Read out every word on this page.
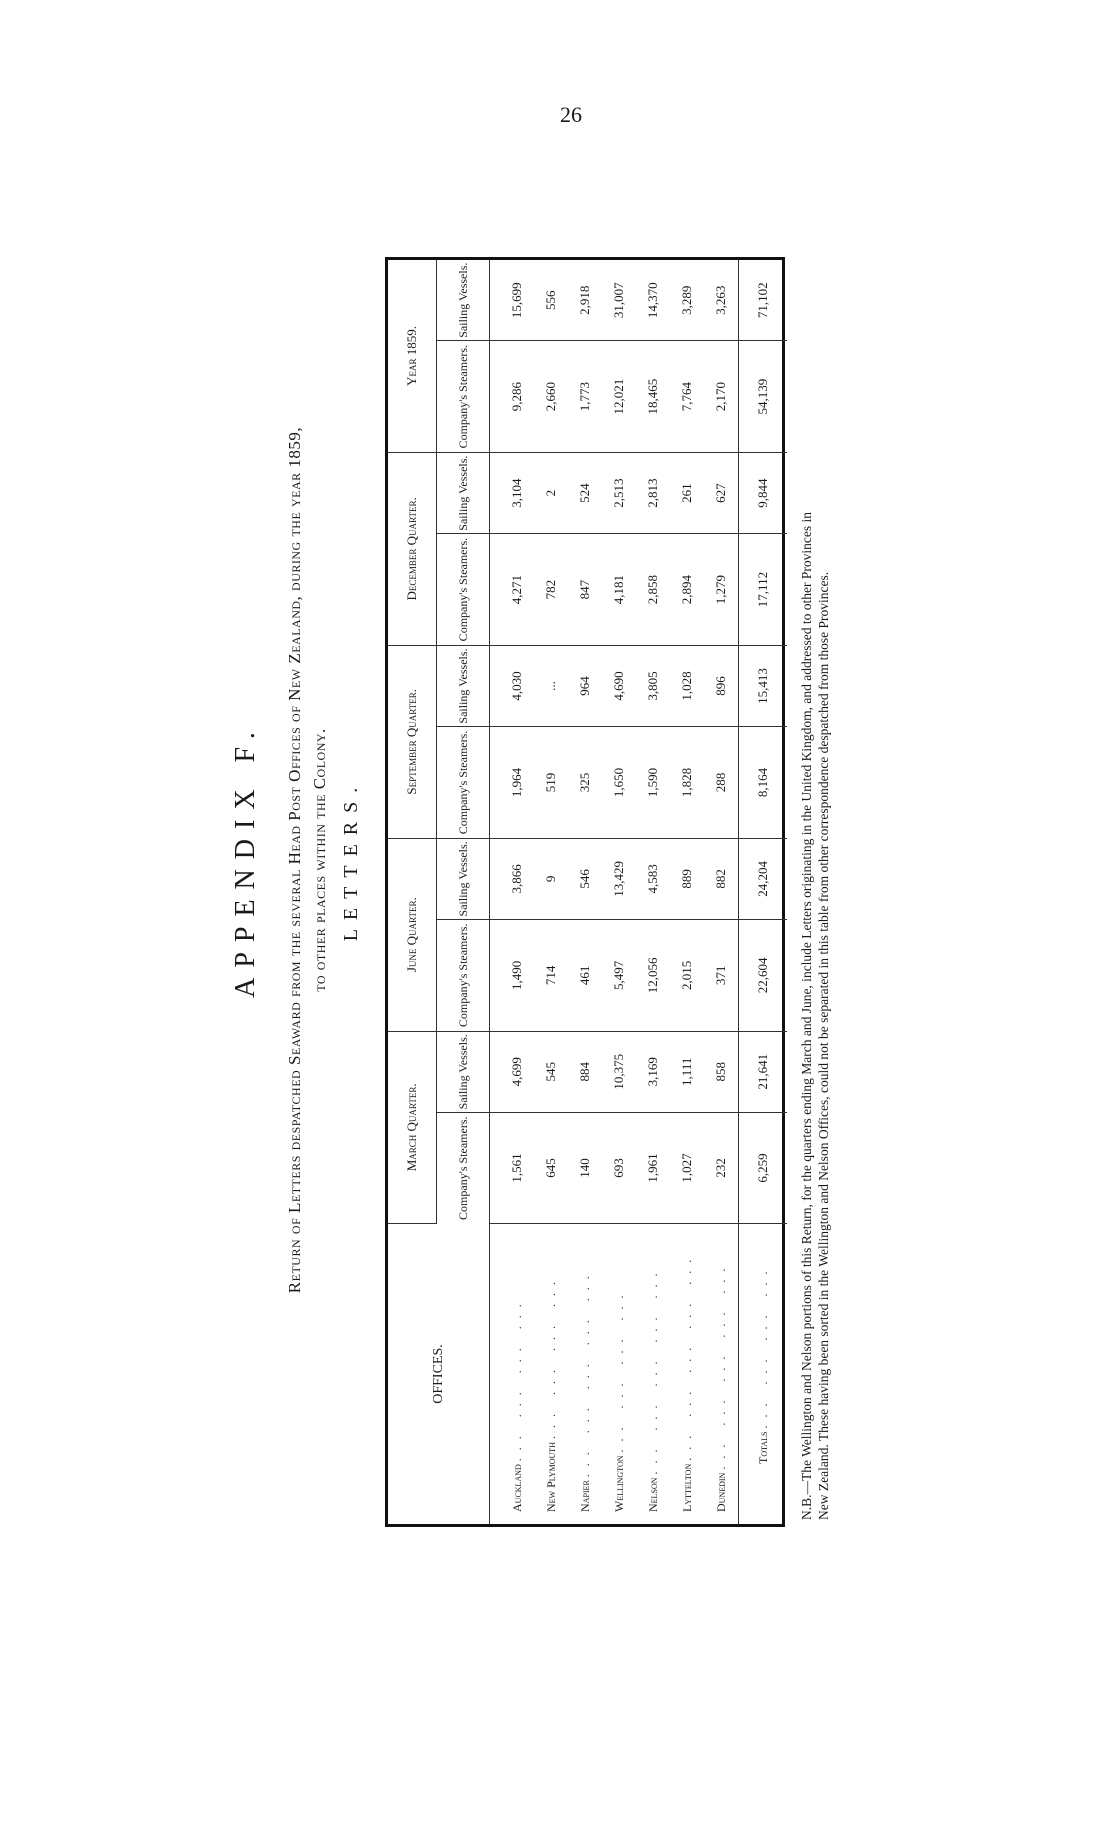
26
APPENDIX F. Return of Letters despatched Seaward from the several Head Post Offices of New Zealand, during the year 1859, to other places within the Colony. LETTERS.
OFFICES.	March Quarter.		June Quarter.		September Quarter.		December Quarter.		Year 1859.	
	Company's Steamers.	Sailing Vessels.	Company's Steamers.	Sailing Vessels.	Company's Steamers.	Sailing Vessels.	Company's Steamers.	Sailing Vessels.	Company's Steamers.	Sailing Vessels.
Auckland ... ... ... ...	1,561	4,699	1,490	3,866	1,964	4,030	4,271	3,104	9,286	15,699
New Plymouth ... ... ... ...	645	545	714	9	519	...	782	2	2,660	556
Napier ... ... ... ... ...	140	884	461	546	325	964	847	524	1,773	2,918
Wellington ... ... ... ...	693	10,375	5,497	13,429	1,650	4,690	4,181	2,513	12,021	31,007
Nelson ... ... ... ... ...	1,961	3,169	12,056	4,583	1,590	3,805	2,858	2,813	18,465	14,370
Lyttelton ... ... ... ... ...	1,027	1,111	2,015	889	1,828	1,028	2,894	261	7,764	3,289
Dunedin ... ... ... ... ...	232	858	371	882	288	896	1,279	627	2,170	3,263
Totals ... ... ... ...	6,259	21,641	22,604	24,204	8,164	15,413	17,112	9,844	54,139	71,102

N.B.—The Wellington and Nelson portions of this Return, for the quarters ending March and June, include Letters originating in the United Kingdom, and addressed to other Provinces in New Zealand. These having been sorted in the Wellington and Nelson Offices, could not be separated in this table from other correspondence despatched from those Provinces.
